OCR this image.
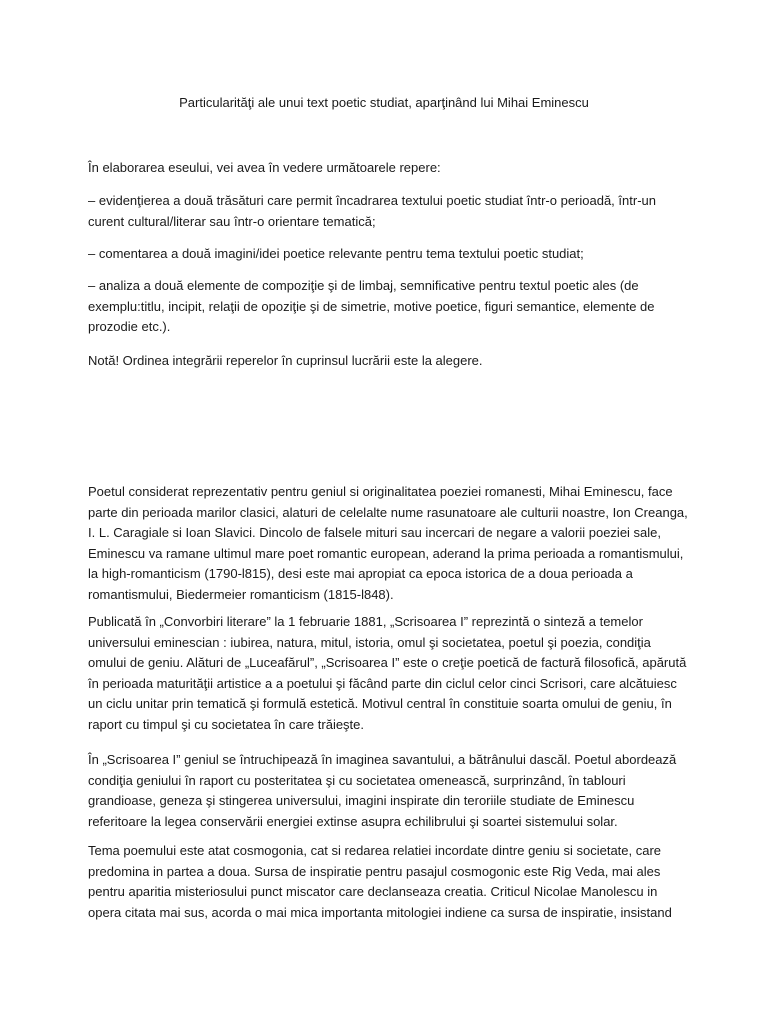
Particularităţi ale unui text poetic studiat, aparţinând lui Mihai Eminescu

În elaborarea eseului, vei avea în vedere următoarele repere:

– evidenţierea a două trăsături care permit încadrarea textului poetic studiat într-o perioadă, într-un curent cultural/literar sau într-o orientare tematică;

– comentarea a două imagini/idei poetice relevante pentru tema textului poetic studiat;

– analiza a două elemente de compoziţie şi de limbaj, semnificative pentru textul poetic ales (de exemplu:titlu, incipit, relaţii de opoziţie şi de simetrie, motive poetice, figuri semantice, elemente de prozodie etc.).

Notă! Ordinea integrării reperelor în cuprinsul lucrării este la alegere.

Poetul considerat reprezentativ pentru geniul si originalitatea poeziei romanesti, Mihai Eminescu, face parte din perioada marilor clasici, alaturi de celelalte nume rasunatoare ale culturii noastre, Ion Creanga, I. L. Caragiale si Ioan Slavici. Dincolo de falsele mituri sau incercari de negare a valorii poeziei sale, Eminescu va ramane ultimul mare poet romantic european, aderand la prima perioada a romantismului, la high-romanticism (1790-l815), desi este mai apropiat ca epoca istorica de a doua perioada a romantismului, Biedermeier romanticism (1815-l848).

Publicată în „Convorbiri literare” la 1 februarie 1881, „Scrisoarea I” reprezintă o sinteză a temelor universului eminescian : iubirea, natura, mitul, istoria, omul şi societatea, poetul şi poezia, condiţia omului de geniu. Alături de „Luceafărul”, „Scrisoarea I” este o creţie poetică de factură filosofică, apărută în perioada maturităţii artistice a a poetului şi făcând parte din ciclul celor cinci Scrisori, care alcătuiesc un ciclu unitar prin tematică şi formulă estetică. Motivul central în constituie soarta omului de geniu, în raport cu timpul şi cu societatea în care trăieşte.

În „Scrisoarea I” geniul se întruchipează în imaginea savantului, a bătrânului dascăl. Poetul abordează condiţia geniului în raport cu posteritatea şi cu societatea omenească, surprinzând, în tablouri grandioase, geneza şi stingerea universului, imagini inspirate din teroriile studiate de Eminescu referitoare la legea conservării energiei extinse asupra echilibrului şi soartei sistemului solar.

Tema poemului este atat cosmogonia, cat si redarea relatiei incordate dintre geniu si societate, care predomina in partea a doua. Sursa de inspiratie pentru pasajul cosmogonic este Rig Veda, mai ales pentru aparitia misteriosului punct miscator care declanseaza creatia. Criticul Nicolae Manolescu in opera citata mai sus, acorda o mai mica importanta mitologiei indiene ca sursa de inspiratie, insistand
